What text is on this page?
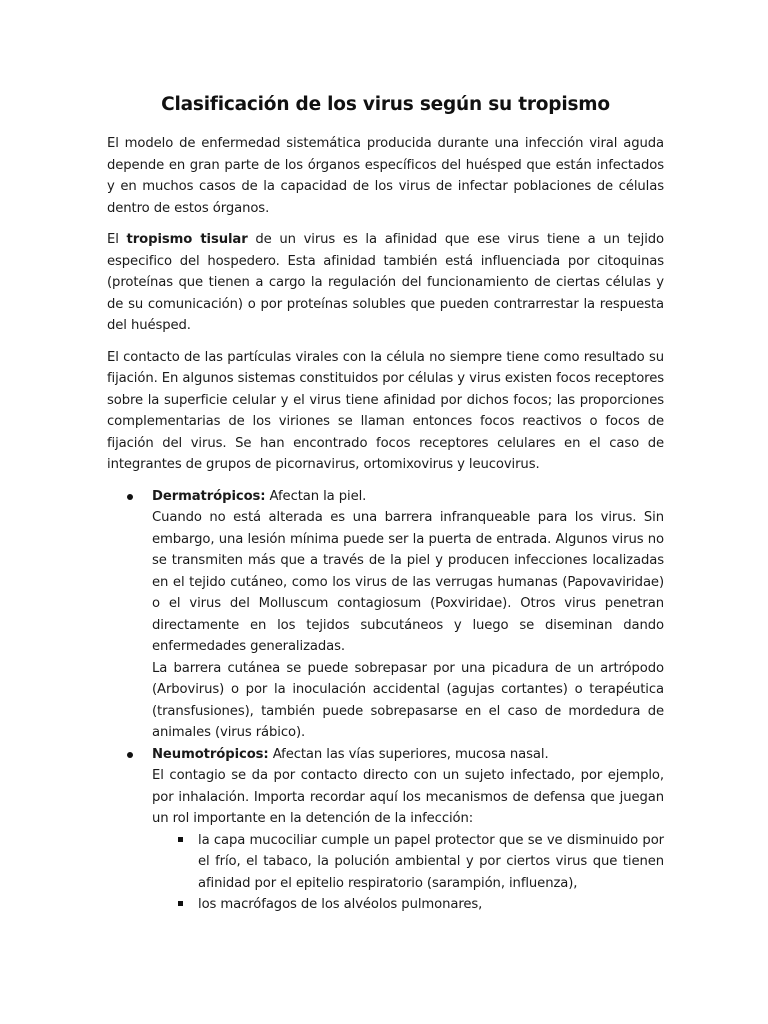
Clasificación de los virus según su tropismo

El modelo de enfermedad sistemática producida durante una infección viral aguda depende en gran parte de los órganos específicos del huésped que están infectados y en muchos casos de la capacidad de los virus de infectar poblaciones de células dentro de estos órganos.

El tropismo tisular de un virus es la afinidad que ese virus tiene a un tejido especifico del hospedero. Esta afinidad también está influenciada por citoquinas (proteínas que tienen a cargo la regulación del funcionamiento de ciertas células y de su comunicación) o por proteínas solubles que pueden contrarrestar la respuesta del huésped.

El contacto de las partículas virales con la célula no siempre tiene como resultado su fijación. En algunos sistemas constituidos por células y virus existen focos receptores sobre la superficie celular y el virus tiene afinidad por dichos focos; las proporciones complementarias de los viriones se llaman entonces focos reactivos o focos de fijación del virus. Se han encontrado focos receptores celulares en el caso de integrantes de grupos de picornavirus, ortomixovirus y leucovirus.

Dermatrópicos: Afectan la piel.

Cuando no está alterada es una barrera infranqueable para los virus. Sin embargo, una lesión mínima puede ser la puerta de entrada. Algunos virus no se transmiten más que a través de la piel y producen infecciones localizadas en el tejido cutáneo, como los virus de las verrugas humanas (Papovaviridae) o el virus del Molluscum contagiosum (Poxviridae). Otros virus penetran directamente en los tejidos subcutáneos y luego se diseminan dando enfermedades generalizadas.

La barrera cutánea se puede sobrepasar por una picadura de un artrópodo (Arbovirus) o por la inoculación accidental (agujas cortantes) o terapéutica (transfusiones), también puede sobrepasarse en el caso de mordedura de animales (virus rábico).

Neumotrópicos: Afectan las vías superiores, mucosa nasal.

El contagio se da por contacto directo con un sujeto infectado, por ejemplo, por inhalación. Importa recordar aquí los mecanismos de defensa que juegan un rol importante en la detención de la infección:

la capa mucociliar cumple un papel protector que se ve disminuido por el frío, el tabaco, la polución ambiental y por ciertos virus que tienen afinidad por el epitelio respiratorio (sarampión, influenza),
los macrófagos de los alvéolos pulmonares,
